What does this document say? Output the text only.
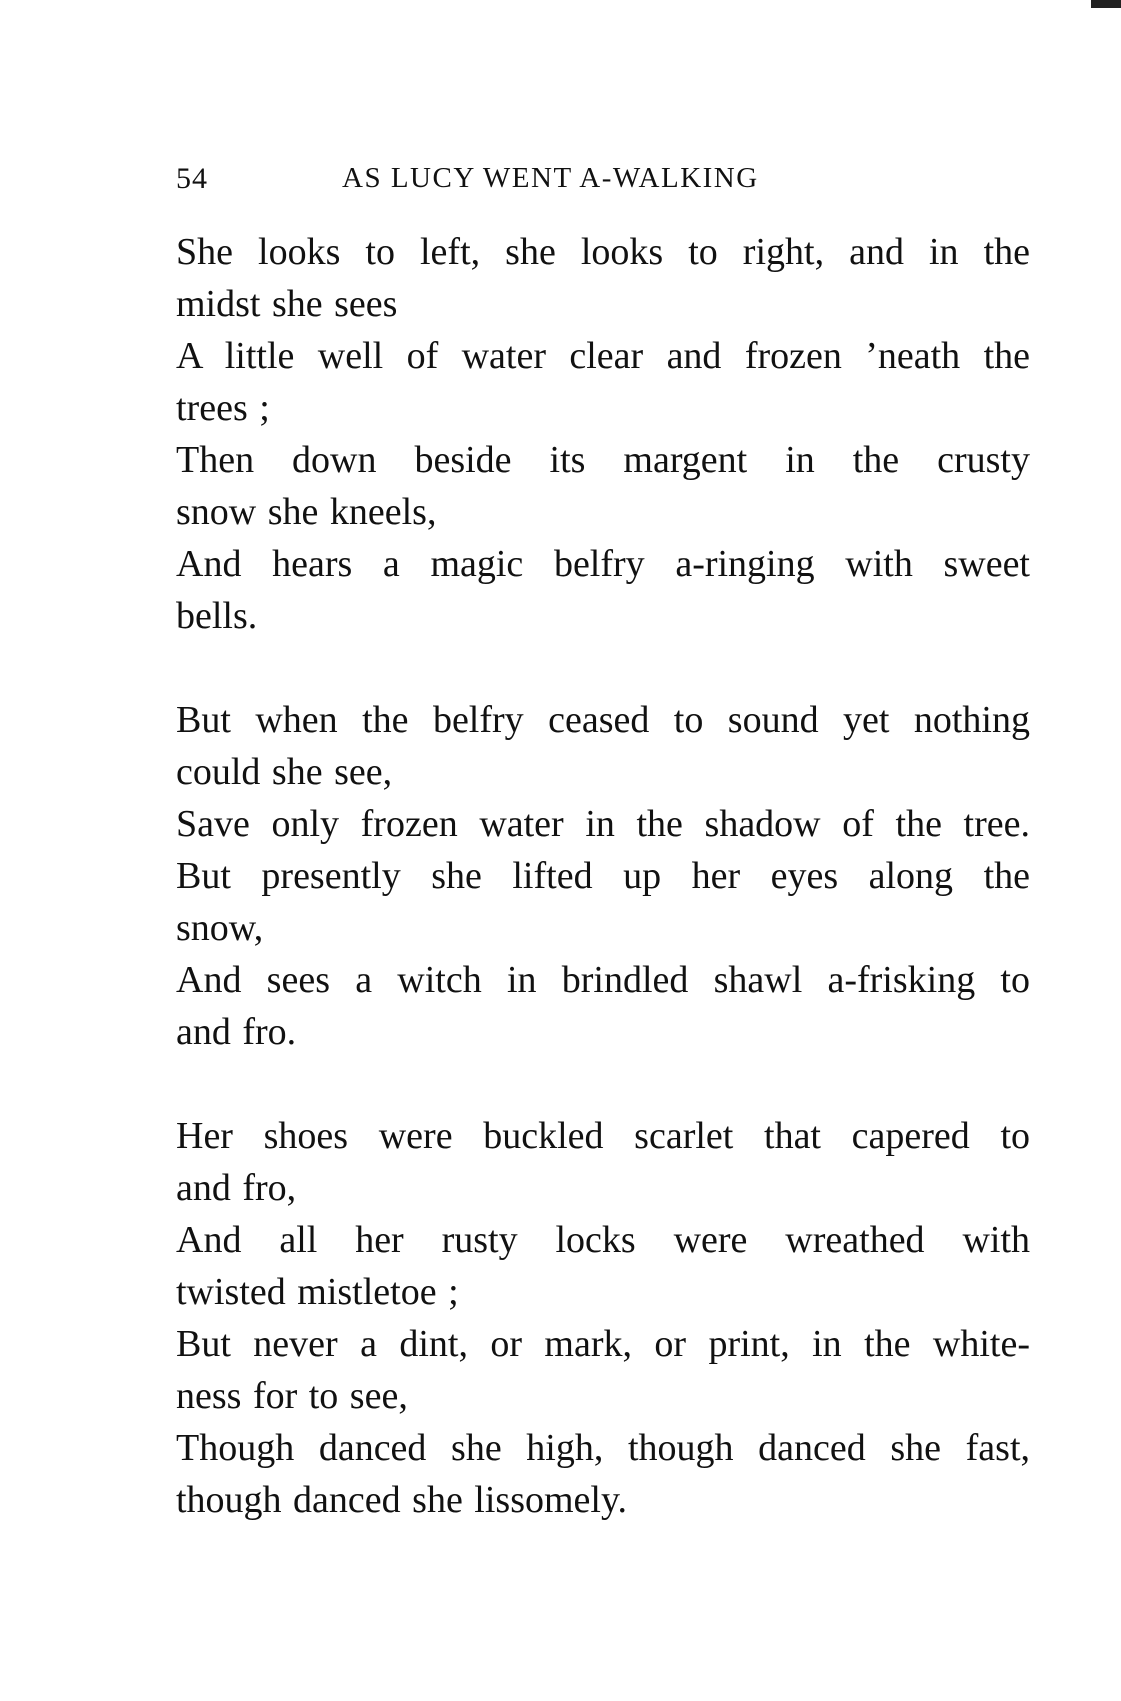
54	AS LUCY WENT A-WALKING

She looks to left, she looks to right, and in the
midst she sees

A little well of water clear and frozen ’neath the
trees ;

Then down beside its margent in the crusty
snow she kneels,

And hears a magic belfry a-ringing with sweet
bells.

But when the belfry ceased to sound yet nothing
could she see,

Save only frozen water in the shadow of the tree.

But presently she lifted up her eyes along the
snow,

And sees a witch in brindled shawl a-frisking to
and fro.

Her shoes were buckled scarlet that capered to
and fro,

And all her rusty locks were wreathed with
twisted mistletoe ;

But never a dint, or mark, or print, in the white-
ness for to see,

Though danced she high, though danced she fast,
though danced she lissomely.
